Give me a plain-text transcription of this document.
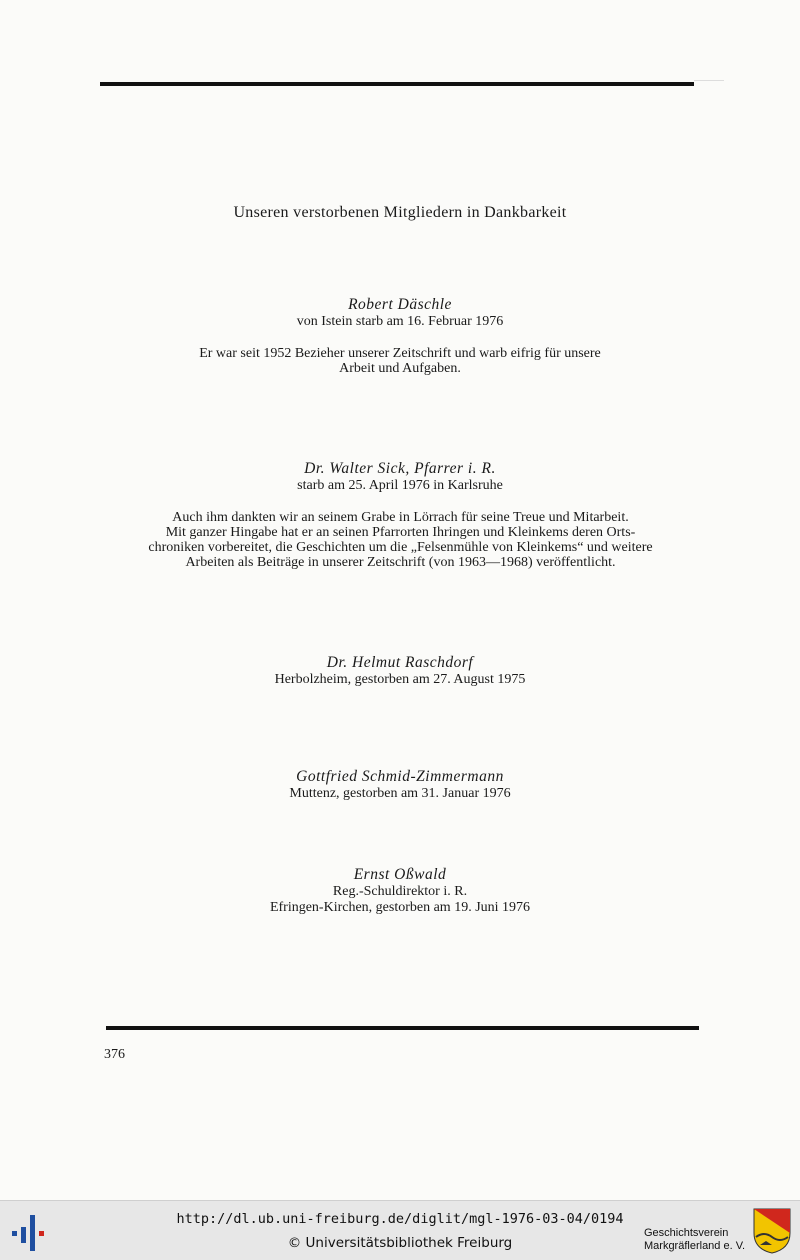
Unseren verstorbenen Mitgliedern in Dankbarkeit
Robert Däschle
von Istein starb am 16. Februar 1976
Er war seit 1952 Bezieher unserer Zeitschrift und warb eifrig für unsere
Arbeit und Aufgaben.
Dr. Walter Sick, Pfarrer i. R.
starb am 25. April 1976 in Karlsruhe
Auch ihm dankten wir an seinem Grabe in Lörrach für seine Treue und Mitarbeit.
Mit ganzer Hingabe hat er an seinen Pfarrorten Ihringen und Kleinkems deren Orts-
chroniken vorbereitet, die Geschichten um die „Felsenmühle von Kleinkems“ und weitere
Arbeiten als Beiträge in unserer Zeitschrift (von 1963—1968) veröffentlicht.
Dr. Helmut Raschdorf
Herbolzheim, gestorben am 27. August 1975
Gottfried Schmid-Zimmermann
Muttenz, gestorben am 31. Januar 1976
Ernst Oßwald
Reg.-Schuldirektor i. R.
Efringen-Kirchen, gestorben am 19. Juni 1976
376
http://dl.ub.uni-freiburg.de/diglit/mgl-1976-03-04/0194
© Universitätsbibliothek Freiburg
Geschichtsverein
Markgräflerland e. V.
